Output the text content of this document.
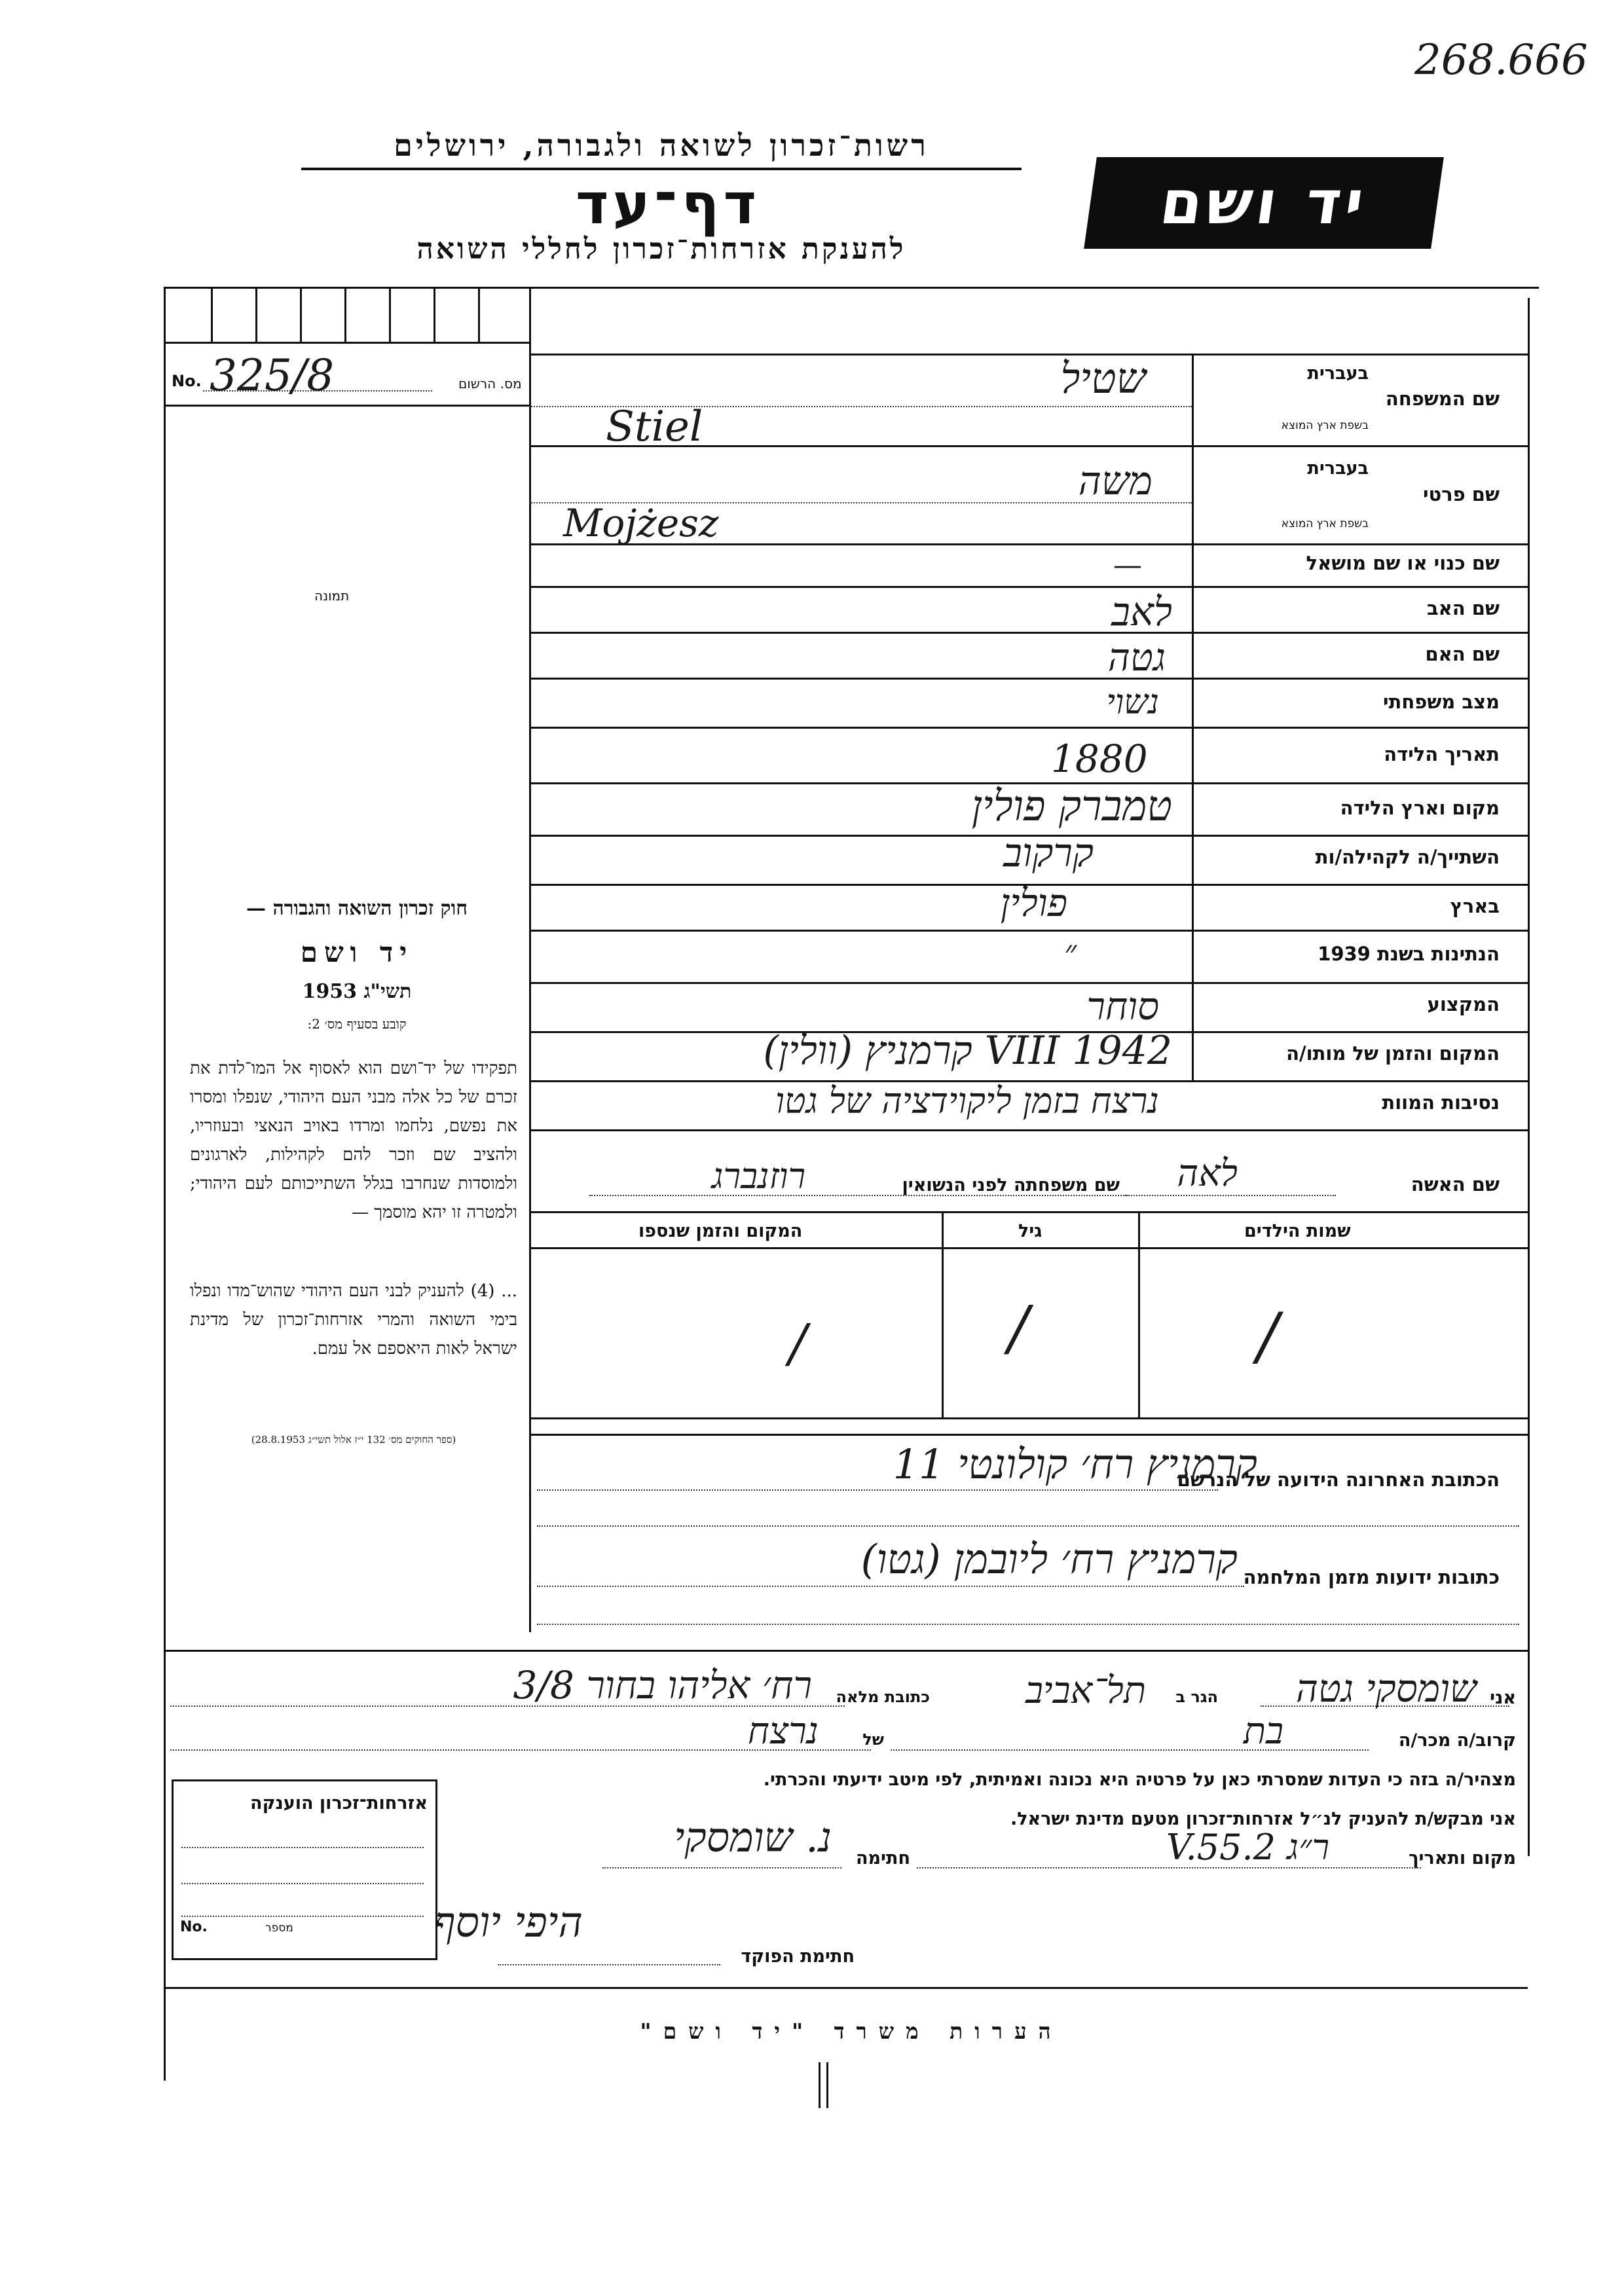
268.666
רשות־זכרון לשואה ולגבורה, ירושלים
דף־עד
להענקת אזרחות־זכרון לחללי השואה
יד ושם
No. 325/8	מס. הרשום
תמונה
חוק זכרון השואה והגבורה —
יד ושם
תשי"ג 1953
קובע בסעיף מס׳ 2:
תפקידו של יד־ושם הוא לאסוף אל המו־לדת את זכרם של כל אלה מבני העם היהודי, שנפלו ומסרו את נפשם, נלחמו ומרדו באויב הנאצי ובעוזריו, ולהציב שם וזכר להם לקהילות, לארגונים ולמוסדות שנחרבו בגלל השתייכותם לעם היהודי; ולמטרה זו יהא מוסמך —
... (4) להעניק לבני העם היהודי שהוש־מדו ונפלו בימי השואה והמרי אזרחות־זכרון של מדינת ישראל לאות היאספם אל עמם.
(ספר החוקים מס׳ 132 י״ז אלול תשי״ג 28.8.1953)
שם המשפחה
בעברית
בשפת ארץ המוצא
שטיל
Stiel
שם פרטי
בעברית
בשפת ארץ המוצא
משה
Mojżesz
שם כנוי או שם מושאל
—
שם האב
לאב
שם האם
גטה
מצב משפחתי
נשוי
תאריך הלידה
1880
מקום וארץ הלידה
טמברק פולין
השתייך/ה לקהילה/ות
קרקוב
בארץ
פולין
הנתינות בשנת 1939
״
המקצוע
סוחר
המקום והזמן של מותו/ה
VIII 1942 קרמניץ (וולין)
נסיבות המוות
נרצח בזמן ליקוידציה של גטו
שם האשה
לאה
שם משפחתה לפני הנשואין
רוזנברג
שמות הילדים
גיל
המקום והזמן שנספו
/
/
/
הכתובת האחרונה הידועה של הנרשם
קרמניץ רח׳ קולונטי 11
כתובות ידועות מזמן המלחמה
קרמניץ רח׳ ליובמן (גטו)
אני
שומסקי גטה
הגר ב
תל־אביב
כתובת מלאה
רח׳ אליהו בחור 3/8
קרוב/ה מכר/ה
בת
של
נרצח
מצהיר/ה בזה כי העדות שמסרתי כאן על פרטיה היא נכונה ואמיתית, לפי מיטב ידיעתי והכרתי.
אני מבקש/ת להעניק לנ״ל אזרחות־זכרון מטעם מדינת ישראל.
מקום ותאריך
ר״ג 2.V.55
חתימה
נ. שומסקי
חתימת הפוקד
היפי יוסף
אזרחות־זכרון הוענקה
No.	מספר
הערות משרד "יד ושם"
